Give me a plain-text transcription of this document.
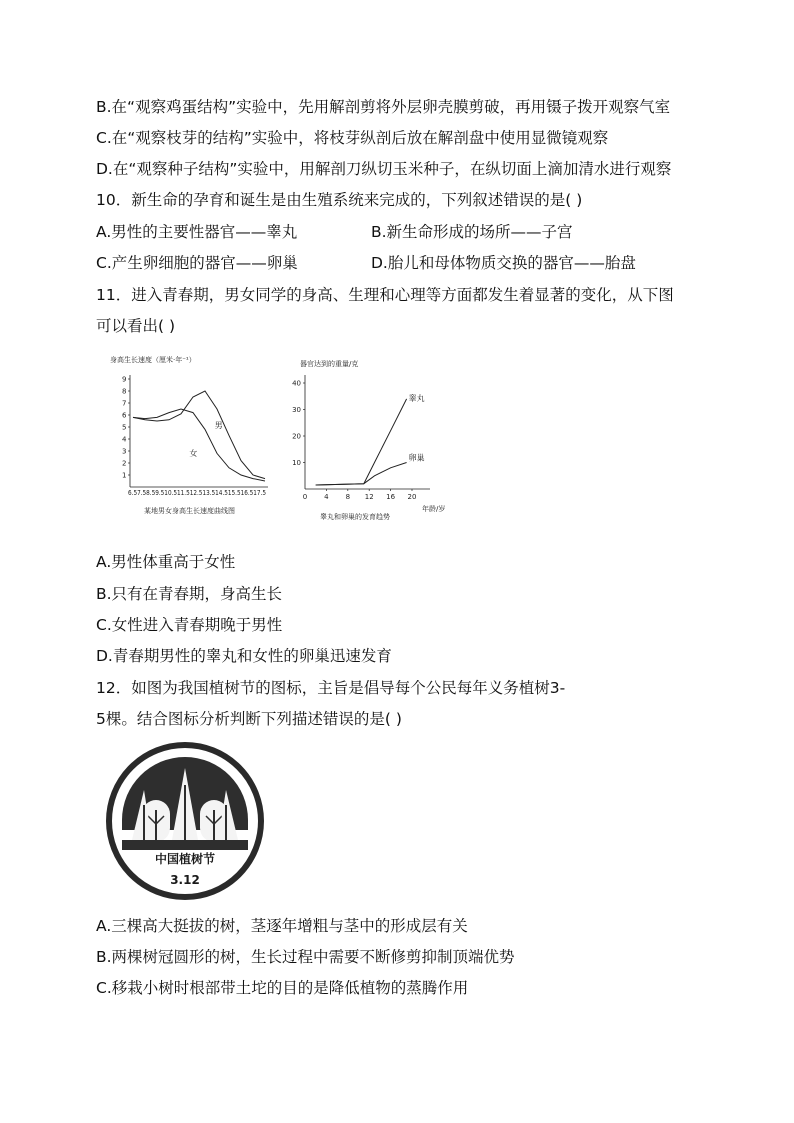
B.在“观察鸡蛋结构”实验中，先用解剖剪将外层卵壳膜剪破，再用镊子拨开观察气室
C.在“观察枝芽的结构”实验中，将枝芽纵剖后放在解剖盘中使用显微镜观察
D.在“观察种子结构”实验中，用解剖刀纵切玉米种子，在纵切面上滴加清水进行观察
10．新生命的孕育和诞生是由生殖系统来完成的，下列叙述错误的是( )
A.男性的主要性器官——睾丸	B.新生命形成的场所——子宫
C.产生卵细胞的器官——卵巢	D.胎儿和母体物质交换的器官——胎盘
11．进入青春期，男女同学的身高、生理和心理等方面都发生着显著的变化，从下图
可以看出( )
身高生长速度（厘米·年⁻¹）
1
2
3
4
5
6
7
8
9
男
女
6.57.58.59.510.511.512.513.514.515.516.517.5
某地男女身高生长速度曲线图
器官达到的重量/克
10
20
30
40
0 4 8 12 16 20
睾丸
卵巢
年龄/岁
睾丸和卵巢的发育趋势
A.男性体重高于女性
B.只有在青春期，身高生长
C.女性进入青春期晚于男性
D.青春期男性的睾丸和女性的卵巢迅速发育
12．如图为我国植树节的图标，主旨是倡导每个公民每年义务植树3-
5棵。结合图标分析判断下列描述错误的是( )
中国植树节
3.12
A.三棵高大挺拔的树，茎逐年增粗与茎中的形成层有关
B.两棵树冠圆形的树，生长过程中需要不断修剪抑制顶端优势
C.移栽小树时根部带土坨的目的是降低植物的蒸腾作用
